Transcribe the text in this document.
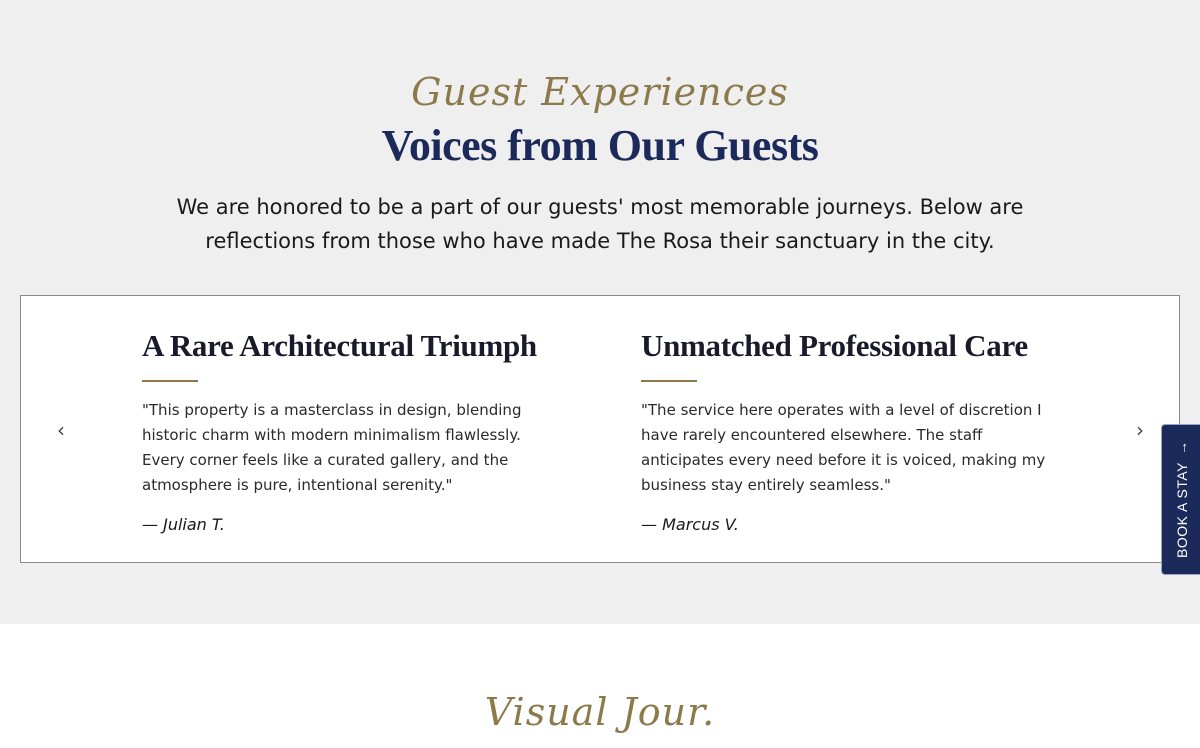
Guest Experiences
Voices from Our Guests

We are honored to be a part of our guests' most memorable journeys. Below are reflections from those who have made The Rosa their sanctuary in the city.

‹
A Rare Architectural Triumph

"This property is a masterclass in design, blending historic charm with modern minimalism flawlessly. Every corner feels like a curated gallery, and the atmosphere is pure, intentional serenity."

— Julian T.

Unmatched Professional Care

"The service here operates with a level of discretion I have rarely encountered elsewhere. The staff anticipates every need before it is voiced, making my business stay entirely seamless."

— Marcus V.

›
→
BOOK A STAY
Visual Jour.
